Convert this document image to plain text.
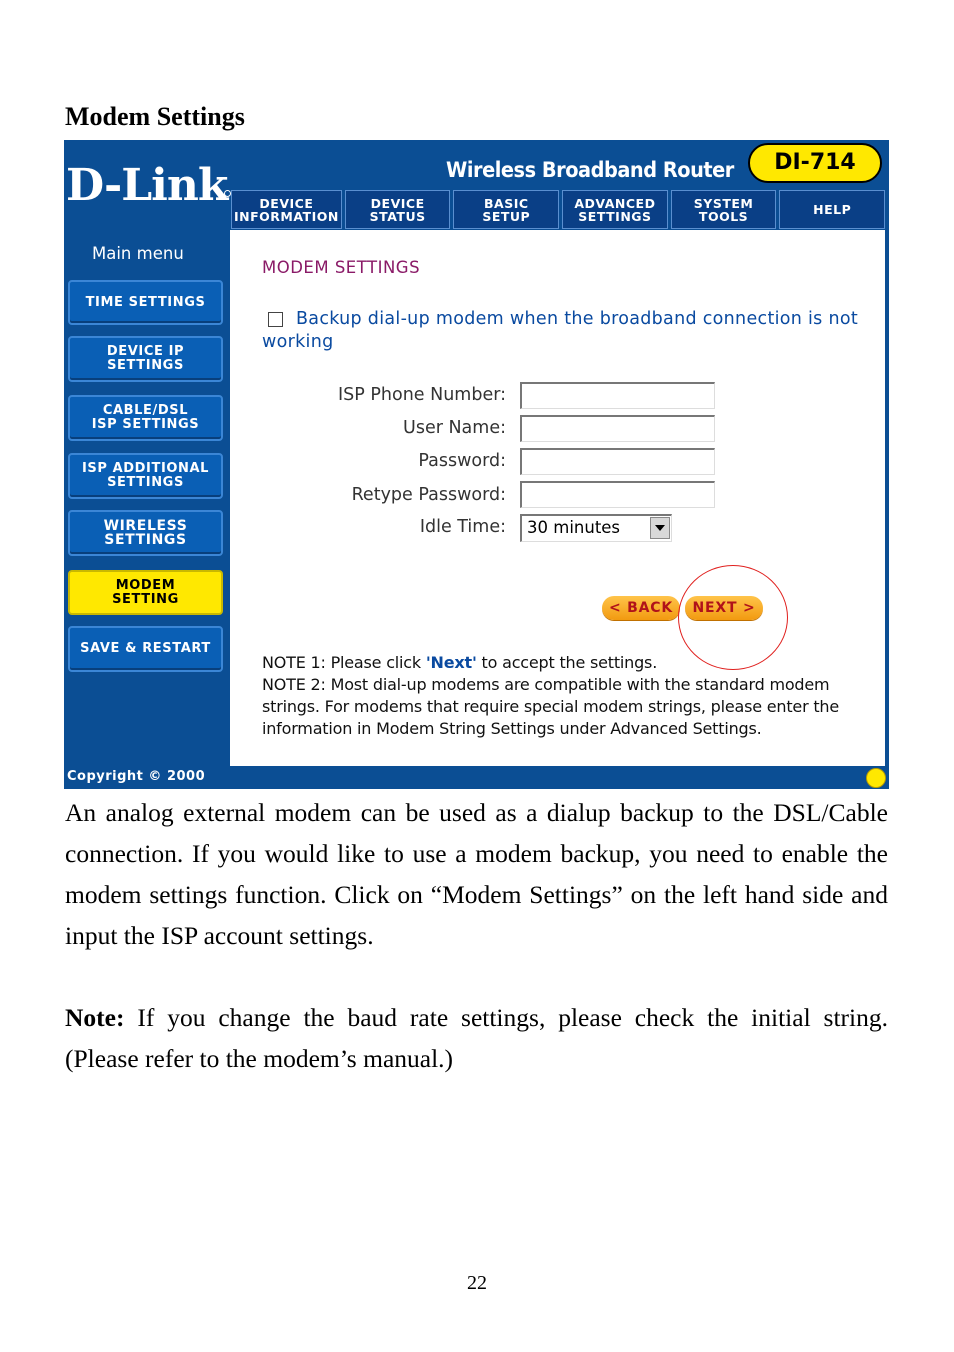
Modem Settings
D-Link	Wireless Broadband Router	DI-714
DEVICE
INFORMATION
DEVICE
STATUS
BASIC
SETUP
ADVANCED
SETTINGS
SYSTEM
TOOLS	HELP
Main menu
TIME SETTINGS
DEVICE IP
SETTINGS
CABLE/DSL
ISP SETTINGS
ISP ADDITIONAL
SETTINGS
WIRELESS
SETTINGS
MODEM
SETTING
SAVE & RESTART
MODEM SETTINGS
Backup dial-up modem when the broadband connection is not working
ISP Phone Number:
User Name:
Password:
Retype Password:
Idle Time:	30 minutes
< BACK	NEXT >
NOTE 1: Please click 'Next' to accept the settings.
NOTE 2: Most dial-up modems are compatible with the standard modem strings. For modems that require special modem strings, please enter the information in Modem String Settings under Advanced Settings.
Copyright © 2000
An analog external modem can be used as a dialup backup to the DSL/Cable connection. If you would like to use a modem backup, you need to enable the modem settings function. Click on “Modem Settings” on the left hand side and input the ISP account settings.
Note: If you change the baud rate settings, please check the initial string. (Please refer to the modem’s manual.)
22
